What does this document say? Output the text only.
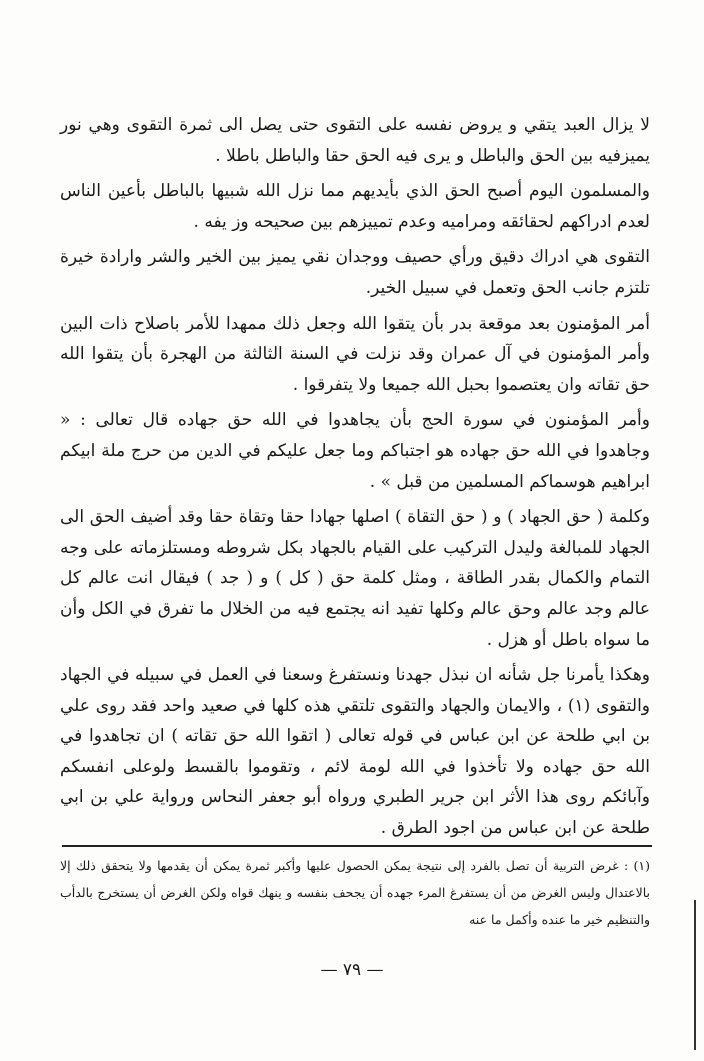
لا يزال العبد يتقي و يروض نفسه على التقوى حتى يصل الى ثمرة التقوى وهي نور يميزفيه بين الحق والباطل و يرى فيه الحق حقا والباطل باطلا .

والمسلمون اليوم أصبح الحق الذي بأيديهم مما نزل الله شبيها بالباطل بأعين الناس لعدم ادراكهم لحقائقه ومراميه وعدم تمييزهم بين صحيحه وز يفه .

التقوى هي ادراك دقيق ورأي حصيف ووجدان نقي يميز بين الخير والشر وارادة خيرة تلتزم جانب الحق وتعمل في سبيل الخير.

أمر المؤمنون بعد موقعة بدر بأن يتقوا الله وجعل ذلك ممهدا للأمر باصلاح ذات البين وأمر المؤمنون في آل عمران وقد نزلت في السنة الثالثة من الهجرة بأن يتقوا الله حق تقاته وان يعتصموا بحبل الله جميعا ولا يتفرقوا .

وأمر المؤمنون في سورة الحج بأن يجاهدوا في الله حق جهاده قال تعالى : « وجاهدوا في الله حق جهاده هو اجتباكم وما جعل عليكم في الدين من حرج ملة ابيكم ابراهيم هوسماكم المسلمين من قبل » .

وكلمة ( حق الجهاد ) و ( حق التقاة ) اصلها جهادا حقا وتقاة حقا وقد أضيف الحق الى الجهاد للمبالغة وليدل التركيب على القيام بالجهاد بكل شروطه ومستلزماته على وجه التمام والكمال بقدر الطاقة ، ومثل كلمة حق ( كل ) و ( جد ) فيقال انت عالم كل عالم وجد عالم وحق عالم وكلها تفيد انه يجتمع فيه من الخلال ما تفرق في الكل وأن ما سواه باطل أو هزل .

وهكذا يأمرنا جل شأنه ان نبذل جهدنا ونستفرغ وسعنا في العمل في سبيله في الجهاد والتقوى (١) ، والايمان والجهاد والتقوى تلتقي هذه كلها في صعيد واحد فقد روى علي بن ابي طلحة عن ابن عباس في قوله تعالى ( اتقوا الله حق تقاته ) ان تجاهدوا في الله حق جهاده ولا تأخذوا في الله لومة لائم ، وتقوموا بالقسط ولوعلى انفسكم وآبائكم روى هذا الأثر ابن جرير الطبري ورواه أبو جعفر النحاس ورواية علي بن ابي طلحة عن ابن عباس من اجود الطرق .

(١) : غرض التربية أن تصل بالفرد إلى نتيجة يمكن الحصول عليها وأكبر ثمرة يمكن أن يقدمها ولا يتحقق ذلك إلا بالاعتدال وليس الغرض من أن يستفرغ المرء جهده أن يجحف بنفسه و ينهك قواه ولكن الغرض أن يستخرج بالدأب والتنظيم خير ما عنده وأكمل ما عنه

— ٧٩ —
